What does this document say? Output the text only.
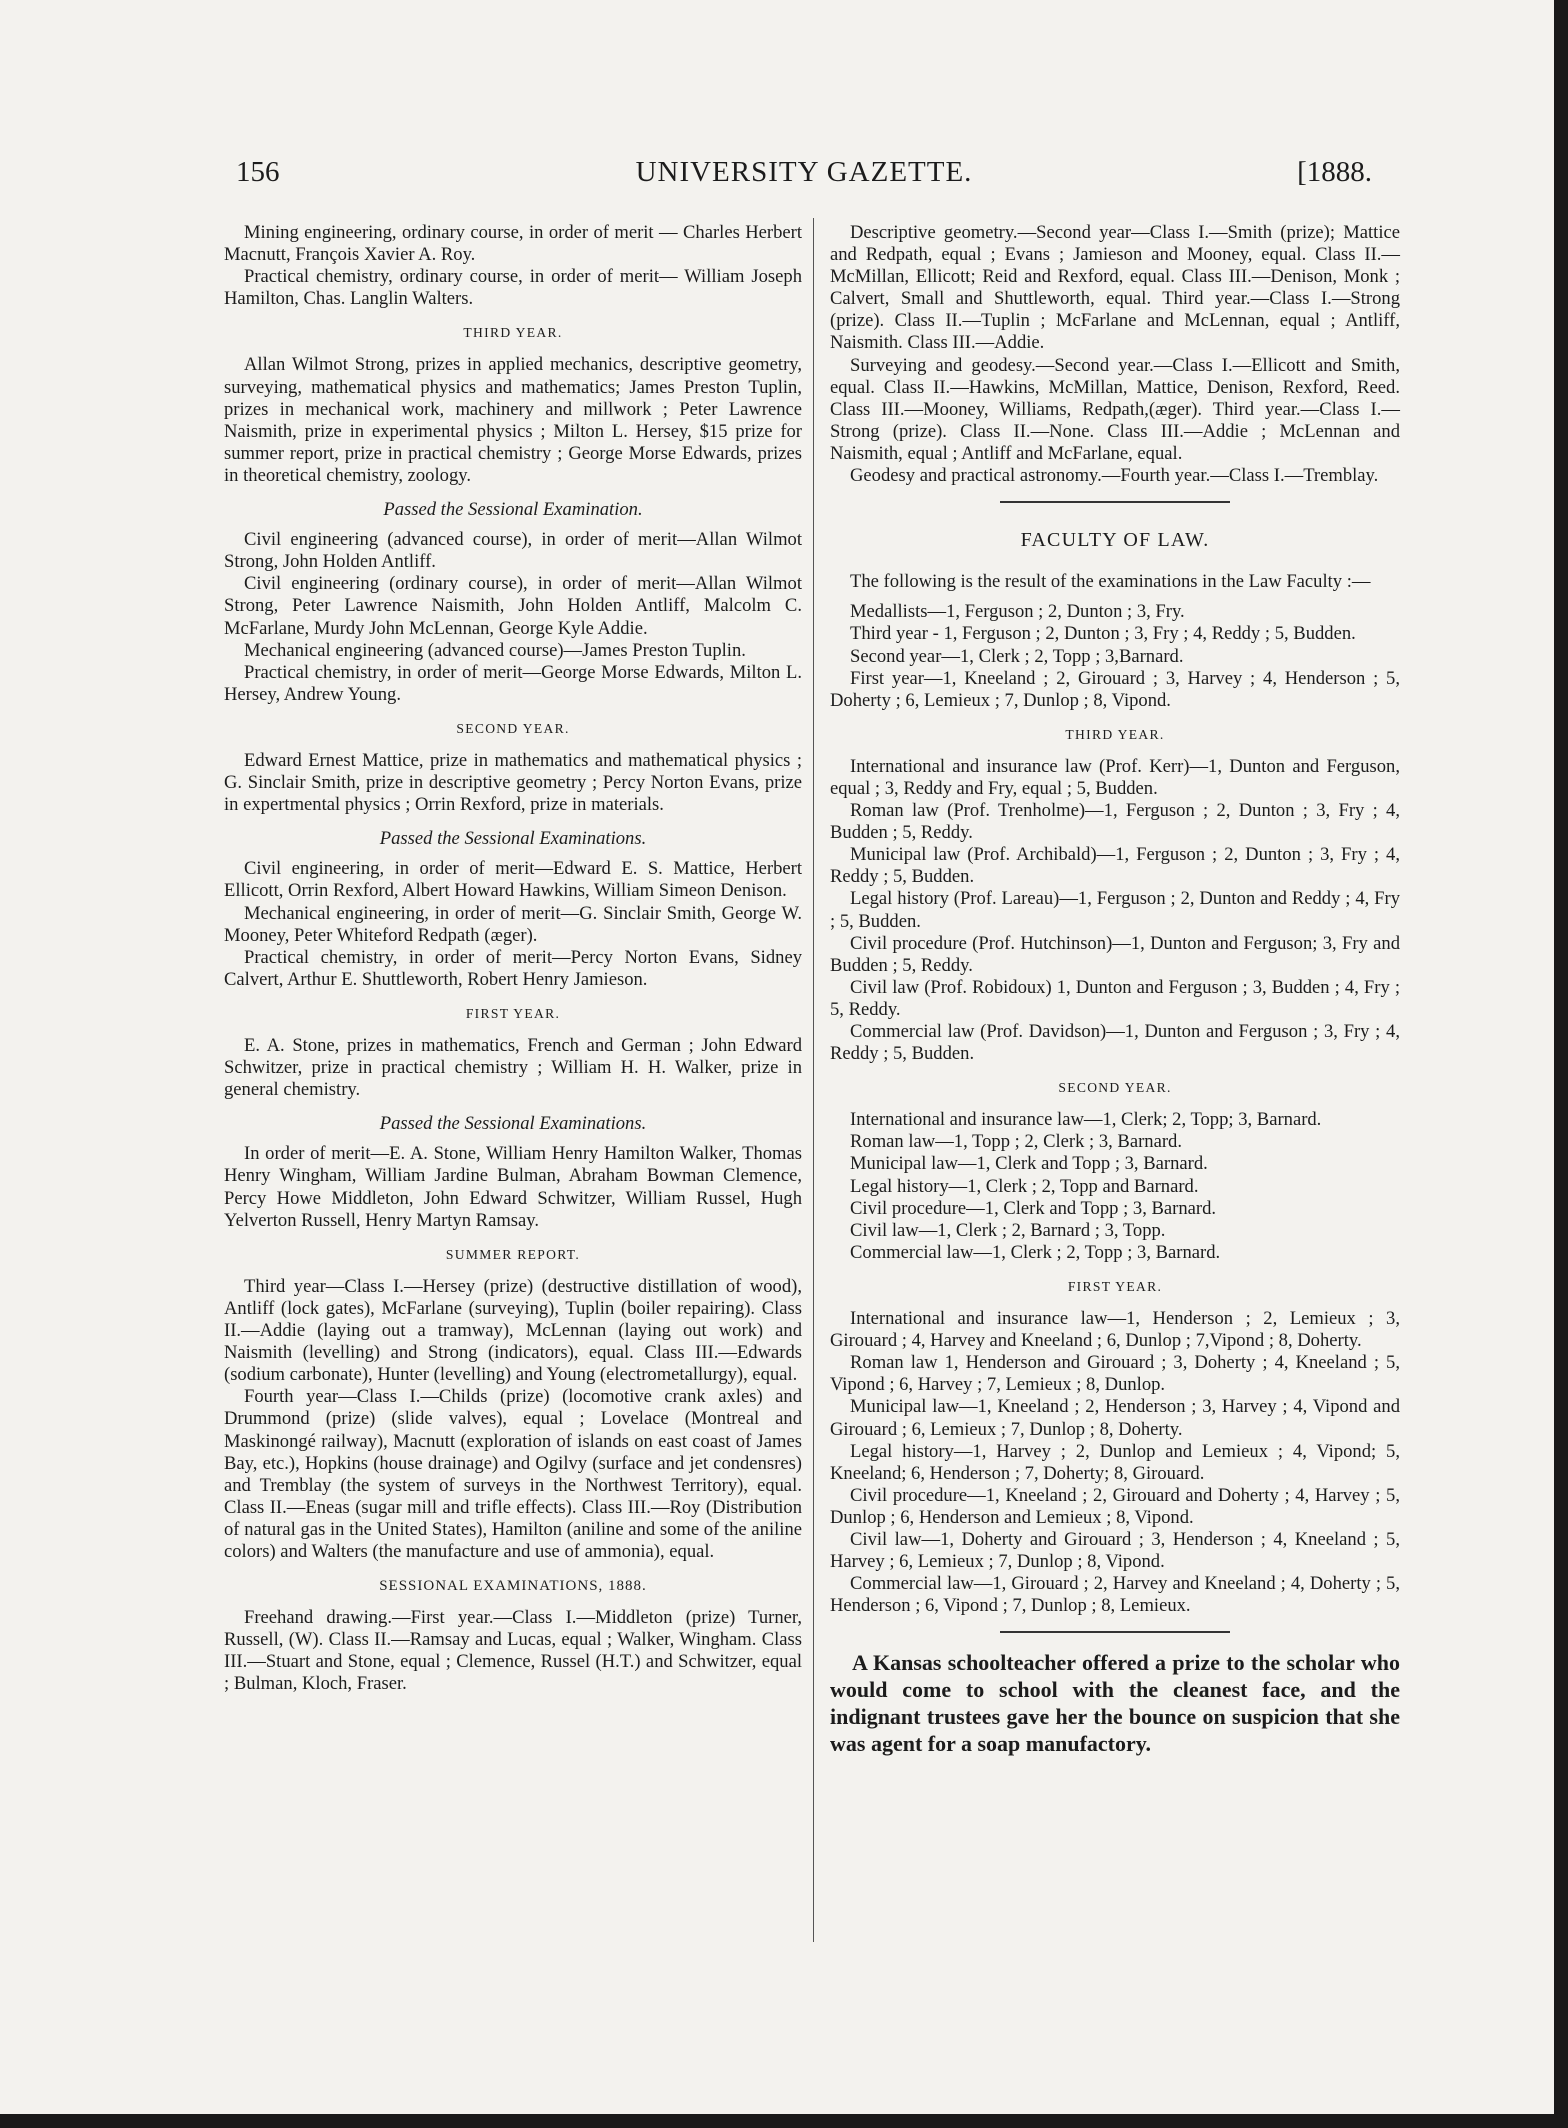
156	UNIVERSITY GAZETTE.	[1888.

Mining engineering, ordinary course, in order of merit — Charles Herbert Macnutt, François Xavier A. Roy.

Practical chemistry, ordinary course, in order of merit— William Joseph Hamilton, Chas. Langlin Walters.

THIRD YEAR.

Allan Wilmot Strong, prizes in applied mechanics, descriptive geometry, surveying, mathematical physics and mathematics; James Preston Tuplin, prizes in mechanical work, machinery and millwork ; Peter Lawrence Naismith, prize in experimental physics ; Milton L. Hersey, $15 prize for summer report, prize in practical chemistry ; George Morse Edwards, prizes in theoretical chemistry, zoology.

Passed the Sessional Examination.

Civil engineering (advanced course), in order of merit—Allan Wilmot Strong, John Holden Antliff.

Civil engineering (ordinary course), in order of merit—Allan Wilmot Strong, Peter Lawrence Naismith, John Holden Antliff, Malcolm C. McFarlane, Murdy John McLennan, George Kyle Addie.

Mechanical engineering (advanced course)—James Preston Tuplin.

Practical chemistry, in order of merit—George Morse Edwards, Milton L. Hersey, Andrew Young.

SECOND YEAR.

Edward Ernest Mattice, prize in mathematics and mathematical physics ; G. Sinclair Smith, prize in descriptive geometry ; Percy Norton Evans, prize in expertmental physics ; Orrin Rexford, prize in materials.

Passed the Sessional Examinations.

Civil engineering, in order of merit—Edward E. S. Mattice, Herbert Ellicott, Orrin Rexford, Albert Howard Hawkins, William Simeon Denison.

Mechanical engineering, in order of merit—G. Sinclair Smith, George W. Mooney, Peter Whiteford Redpath (æger).

Practical chemistry, in order of merit—Percy Norton Evans, Sidney Calvert, Arthur E. Shuttleworth, Robert Henry Jamieson.

FIRST YEAR.

E. A. Stone, prizes in mathematics, French and German ; John Edward Schwitzer, prize in practical chemistry ; William H. H. Walker, prize in general chemistry.

Passed the Sessional Examinations.

In order of merit—E. A. Stone, William Henry Hamilton Walker, Thomas Henry Wingham, William Jardine Bulman, Abraham Bowman Clemence, Percy Howe Middleton, John Edward Schwitzer, William Russel, Hugh Yelverton Russell, Henry Martyn Ramsay.

SUMMER REPORT.

Third year—Class I.—Hersey (prize) (destructive distillation of wood), Antliff (lock gates), McFarlane (surveying), Tuplin (boiler repairing). Class II.—Addie (laying out a tramway), McLennan (laying out work) and Naismith (levelling) and Strong (indicators), equal. Class III.—Edwards (sodium carbonate), Hunter (levelling) and Young (electrometallurgy), equal.

Fourth year—Class I.—Childs (prize) (locomotive crank axles) and Drummond (prize) (slide valves), equal ; Lovelace (Montreal and Maskinongé railway), Macnutt (exploration of islands on east coast of James Bay, etc.), Hopkins (house drainage) and Ogilvy (surface and jet condensres) and Tremblay (the system of surveys in the Northwest Territory), equal. Class II.—Eneas (sugar mill and trifle effects). Class III.—Roy (Distribution of natural gas in the United States), Hamilton (aniline and some of the aniline colors) and Walters (the manufacture and use of ammonia), equal.

SESSIONAL EXAMINATIONS, 1888.

Freehand drawing.—First year.—Class I.—Middleton (prize) Turner, Russell, (W). Class II.—Ramsay and Lucas, equal ; Walker, Wingham. Class III.—Stuart and Stone, equal ; Clemence, Russel (H.T.) and Schwitzer, equal ; Bulman, Kloch, Fraser.

Descriptive geometry.—Second year—Class I.—Smith (prize); Mattice and Redpath, equal ; Evans ; Jamieson and Mooney, equal. Class II.—McMillan, Ellicott; Reid and Rexford, equal. Class III.—Denison, Monk ; Calvert, Small and Shuttleworth, equal. Third year.—Class I.—Strong (prize). Class II.—Tuplin ; McFarlane and McLennan, equal ; Antliff, Naismith. Class III.—Addie.

Surveying and geodesy.—Second year.—Class I.—Ellicott and Smith, equal. Class II.—Hawkins, McMillan, Mattice, Denison, Rexford, Reed. Class III.—Mooney, Williams, Redpath,(æger). Third year.—Class I.—Strong (prize). Class II.—None. Class III.—Addie ; McLennan and Naismith, equal ; Antliff and McFarlane, equal.

Geodesy and practical astronomy.—Fourth year.—Class I.—Tremblay.

FACULTY OF LAW.

The following is the result of the examinations in the Law Faculty :—

Medallists—1, Ferguson ; 2, Dunton ; 3, Fry.

Third year - 1, Ferguson ; 2, Dunton ; 3, Fry ; 4, Reddy ; 5, Budden.

Second year—1, Clerk ; 2, Topp ; 3,Barnard.

First year—1, Kneeland ; 2, Girouard ; 3, Harvey ; 4, Henderson ; 5, Doherty ; 6, Lemieux ; 7, Dunlop ; 8, Vipond.

THIRD YEAR.

International and insurance law (Prof. Kerr)—1, Dunton and Ferguson, equal ; 3, Reddy and Fry, equal ; 5, Budden.

Roman law (Prof. Trenholme)—1, Ferguson ; 2, Dunton ; 3, Fry ; 4, Budden ; 5, Reddy.

Municipal law (Prof. Archibald)—1, Ferguson ; 2, Dunton ; 3, Fry ; 4, Reddy ; 5, Budden.

Legal history (Prof. Lareau)—1, Ferguson ; 2, Dunton and Reddy ; 4, Fry ; 5, Budden.

Civil procedure (Prof. Hutchinson)—1, Dunton and Ferguson; 3, Fry and Budden ; 5, Reddy.

Civil law (Prof. Robidoux) 1, Dunton and Ferguson ; 3, Budden ; 4, Fry ; 5, Reddy.

Commercial law (Prof. Davidson)—1, Dunton and Ferguson ; 3, Fry ; 4, Reddy ; 5, Budden.

SECOND YEAR.

International and insurance law—1, Clerk; 2, Topp; 3, Barnard.

Roman law—1, Topp ; 2, Clerk ; 3, Barnard.

Municipal law—1, Clerk and Topp ; 3, Barnard.

Legal history—1, Clerk ; 2, Topp and Barnard.

Civil procedure—1, Clerk and Topp ; 3, Barnard.

Civil law—1, Clerk ; 2, Barnard ; 3, Topp.

Commercial law—1, Clerk ; 2, Topp ; 3, Barnard.

FIRST YEAR.

International and insurance law—1, Henderson ; 2, Lemieux ; 3, Girouard ; 4, Harvey and Kneeland ; 6, Dunlop ; 7,Vipond ; 8, Doherty.

Roman law 1, Henderson and Girouard ; 3, Doherty ; 4, Kneeland ; 5, Vipond ; 6, Harvey ; 7, Lemieux ; 8, Dunlop.

Municipal law—1, Kneeland ; 2, Henderson ; 3, Harvey ; 4, Vipond and Girouard ; 6, Lemieux ; 7, Dunlop ; 8, Doherty.

Legal history—1, Harvey ; 2, Dunlop and Lemieux ; 4, Vipond; 5, Kneeland; 6, Henderson ; 7, Doherty; 8, Girouard.

Civil procedure—1, Kneeland ; 2, Girouard and Doherty ; 4, Harvey ; 5, Dunlop ; 6, Henderson and Lemieux ; 8, Vipond.

Civil law—1, Doherty and Girouard ; 3, Henderson ; 4, Kneeland ; 5, Harvey ; 6, Lemieux ; 7, Dunlop ; 8, Vipond.

Commercial law—1, Girouard ; 2, Harvey and Kneeland ; 4, Doherty ; 5, Henderson ; 6, Vipond ; 7, Dunlop ; 8, Lemieux.

A Kansas schoolteacher offered a prize to the scholar who would come to school with the cleanest face, and the indignant trustees gave her the bounce on suspicion that she was agent for a soap manufactory.
